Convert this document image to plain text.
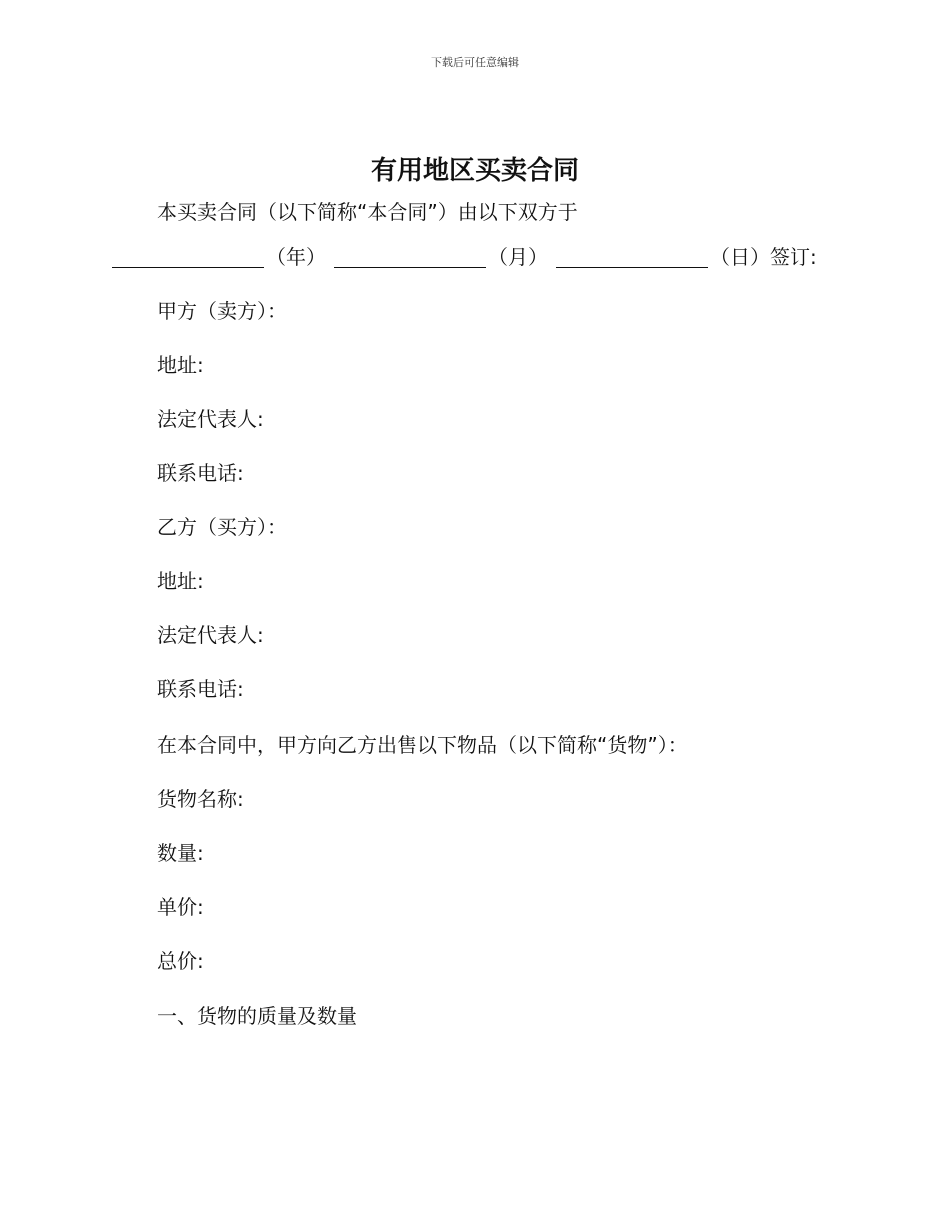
下载后可任意编辑
有用地区买卖合同
本买卖合同（以下简称“本合同”）由以下双方于
（年）	（月）	（日）签订:
甲方（卖方）：
地址:
法定代表人:
联系电话:
乙方（买方）：
地址:
法定代表人:
联系电话:
在本合同中，甲方向乙方出售以下物品（以下简称“货物”）：
货物名称:
数量:
单价:
总价:
一、货物的质量及数量
